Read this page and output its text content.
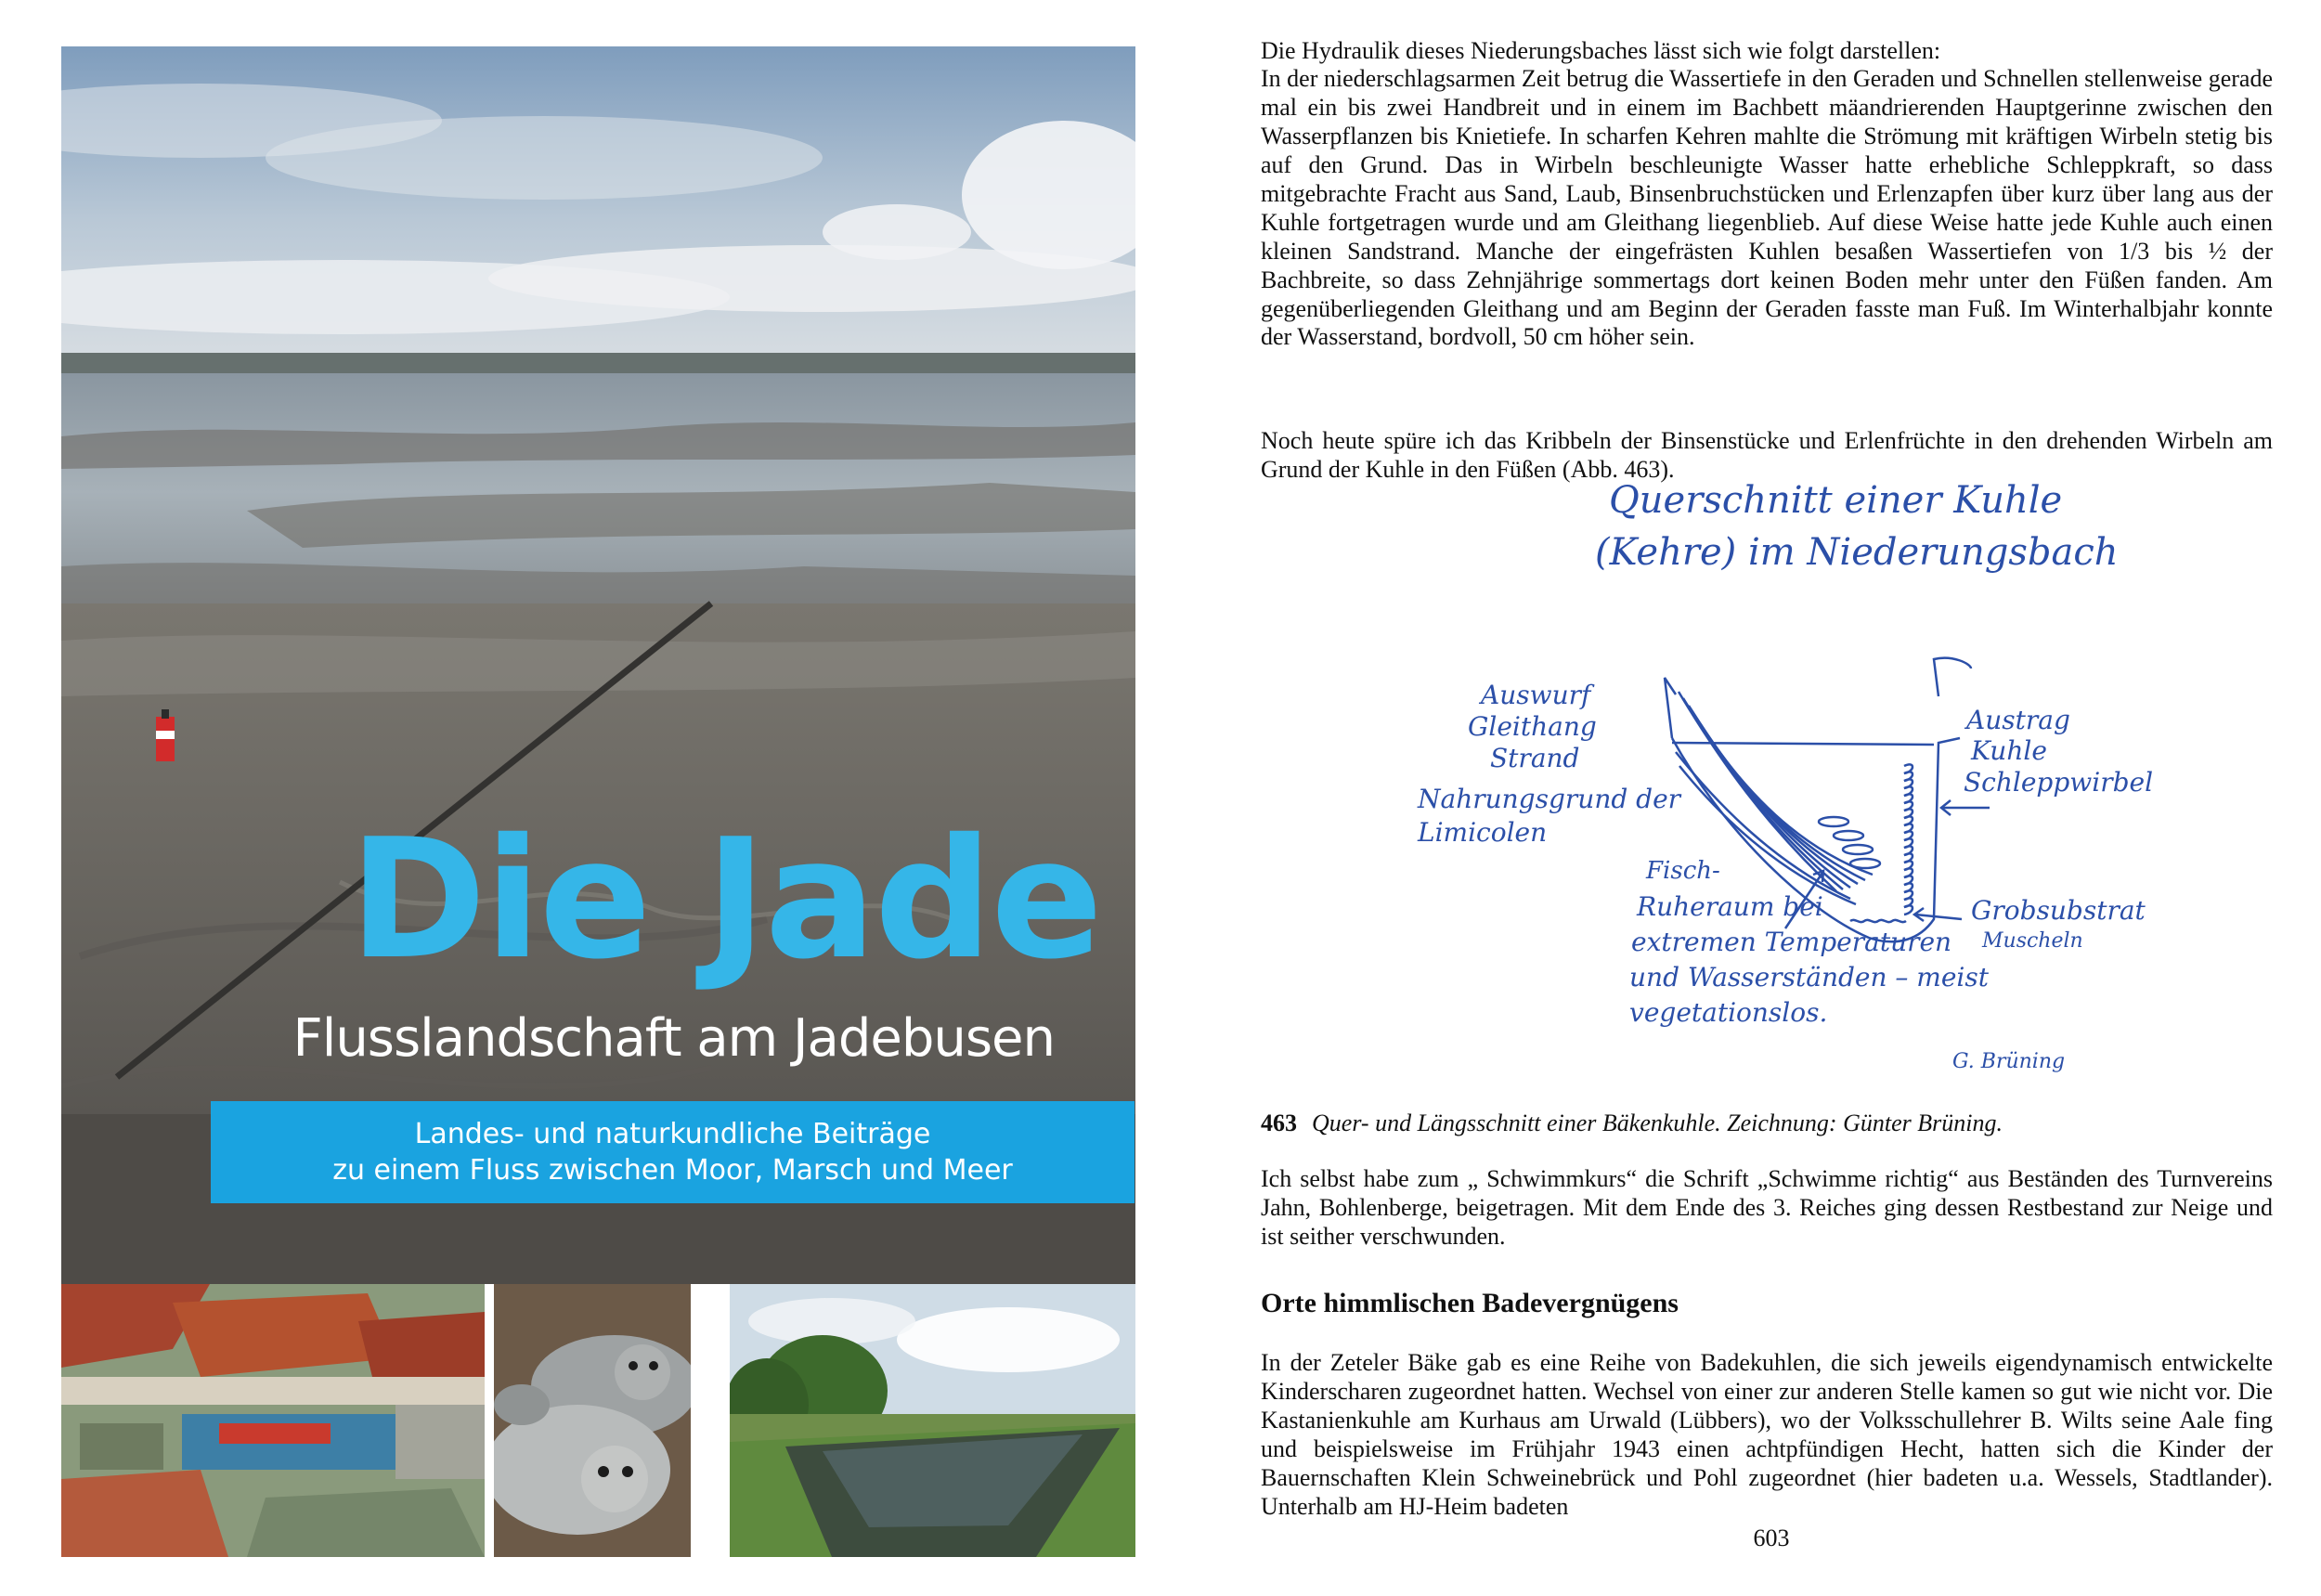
Die Jade
Flusslandschaft am Jadebusen
Landes- und naturkundliche Beiträge
zu einem Fluss zwischen Moor, Marsch und Meer

Die Hydraulik dieses Niederungsbaches lässt sich wie folgt darstellen:

In der niederschlagsarmen Zeit betrug die Wassertiefe in den Geraden und Schnellen stellenweise gerade mal ein bis zwei Handbreit und in einem im Bachbett mäandrierenden Hauptgerinne zwischen den Wasserpflanzen bis Knietiefe. In scharfen Kehren mahlte die Strömung mit kräftigen Wirbeln stetig bis auf den Grund. Das in Wirbeln beschleunigte Wasser hatte erhebliche Schleppkraft, so dass mitgebrachte Fracht aus Sand, Laub, Binsenbruchstücken und Erlenzapfen über kurz über lang aus der Kuhle fortgetragen wurde und am Gleithang liegenblieb. Auf diese Weise hatte jede Kuhle auch einen kleinen Sandstrand. Manche der eingefrästen Kuhlen besaßen Wassertiefen von 1/3 bis ½ der Bachbreite, so dass Zehnjährige sommertags dort keinen Boden mehr unter den Füßen fanden. Am gegenüberliegenden Gleithang und am Beginn der Geraden fasste man Fuß. Im Winterhalbjahr konnte der Wasserstand, bordvoll, 50 cm höher sein.

Noch heute spüre ich das Kribbeln der Binsenstücke und Erlenfrüchte in den drehenden Wirbeln am Grund der Kuhle in den Füßen (Abb. 463).

Querschnitt einer Kuhle
(Kehre) im Niederungsbach
Auswurf
Gleithang
Strand
Nahrungsgrund der
Limicolen
Austrag
Kuhle
Schleppwirbel
Grobsubstrat
Muscheln
Fisch-
Ruheraum bei
extremen Temperaturen
und Wasserständen – meist
vegetationslos.
G. Brüning
463 Quer- und Längsschnitt einer Bäkenkuhle. Zeichnung: Günter Brüning.

Ich selbst habe zum „ Schwimmkurs“ die Schrift „Schwimme richtig“ aus Beständen des Turnvereins Jahn, Bohlenberge, beigetragen. Mit dem Ende des 3. Reiches ging dessen Restbestand zur Neige und ist seither verschwunden.

Orte himmlischen Badevergnügens

In der Zeteler Bäke gab es eine Reihe von Badekuhlen, die sich jeweils eigendynamisch entwickelte Kinderscharen zugeordnet hatten. Wechsel von einer zur anderen Stelle kamen so gut wie nicht vor. Die Kastanienkuhle am Kurhaus am Urwald (Lübbers), wo der Volksschullehrer B. Wilts seine Aale fing und beispielsweise im Frühjahr 1943 einen achtpfündigen Hecht, hatten sich die Kinder der Bauernschaften Klein Schweinebrück und Pohl zugeordnet (hier badeten u.a. Wessels, Stadtlander). Unterhalb am HJ-Heim badeten

603
